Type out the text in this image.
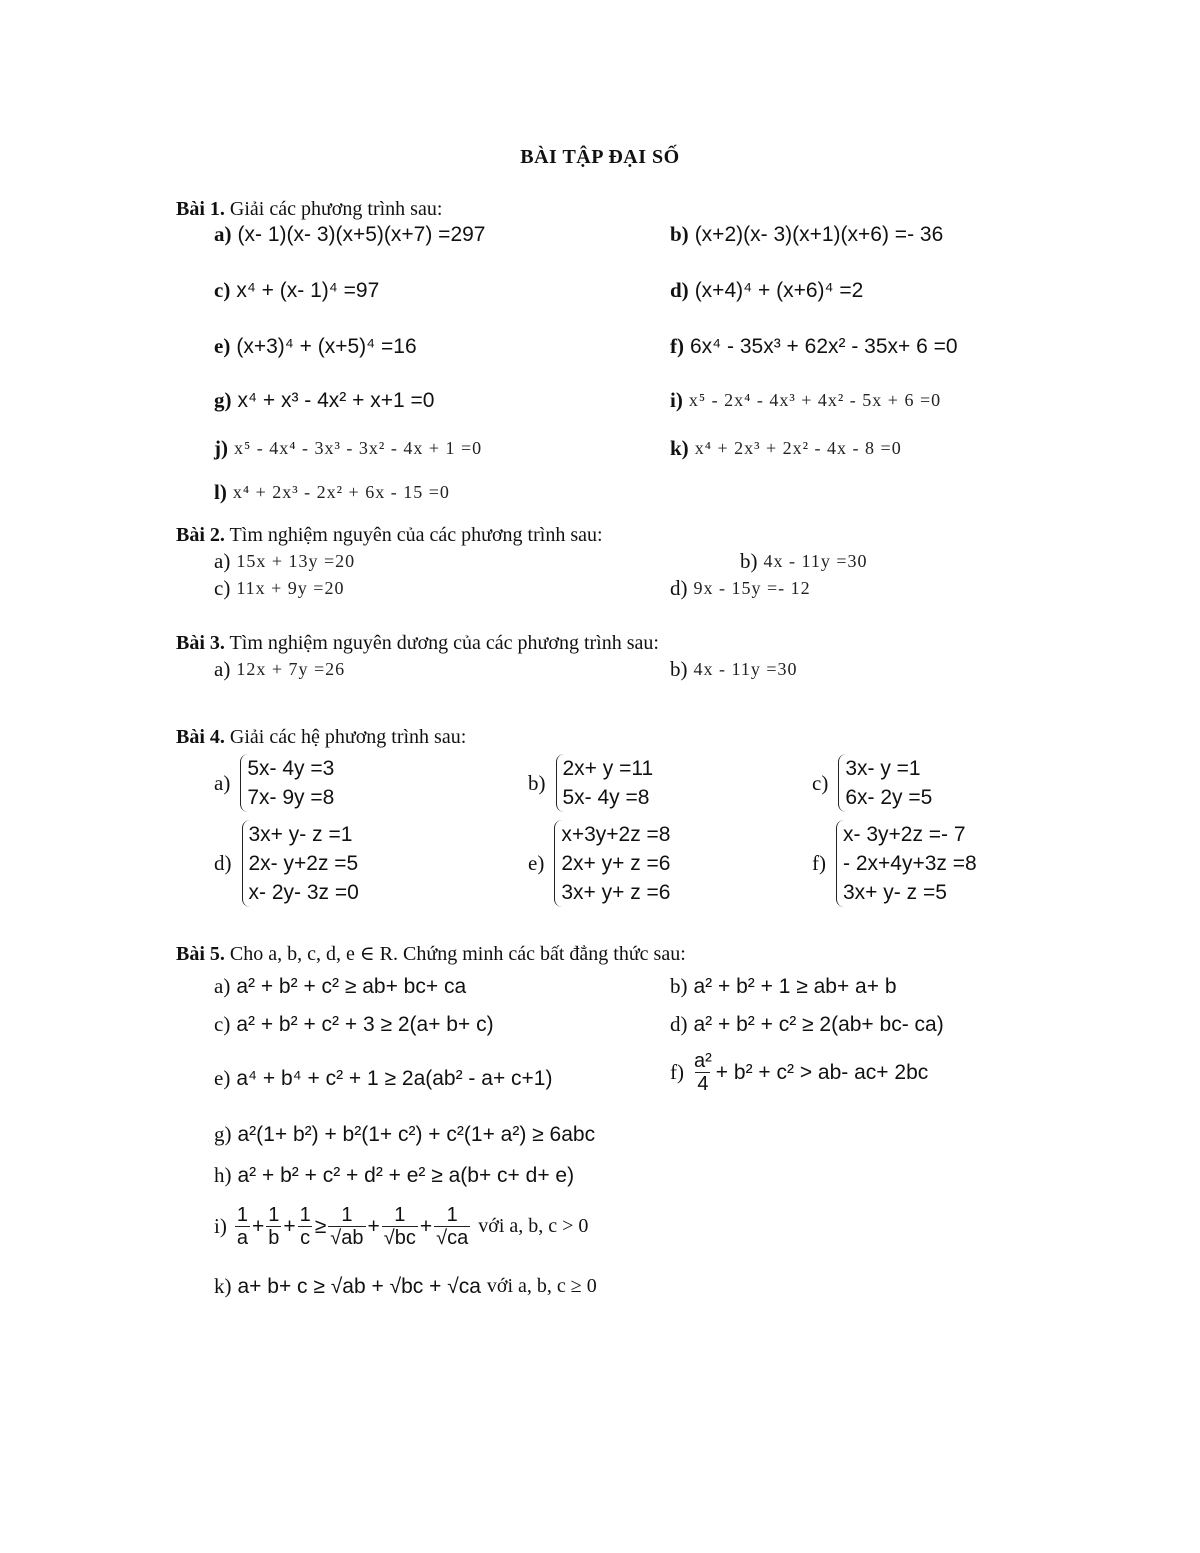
BÀI TẬP ĐẠI SỐ
Bài 1. Giải các phương trình sau:
a) (x- 1)(x- 3)(x+5)(x+7) =297	b) (x+2)(x- 3)(x+1)(x+6) =- 36
c) x⁴ + (x- 1)⁴ =97	d) (x+4)⁴ + (x+6)⁴ =2
e) (x+3)⁴ + (x+5)⁴ =16	f) 6x⁴ - 35x³ + 62x² - 35x+ 6 =0
g) x⁴ + x³ - 4x² + x+1 =0	i) x⁵ - 2x⁴ - 4x³ + 4x² - 5x + 6 =0
j) x⁵ - 4x⁴ - 3x³ - 3x² - 4x + 1 =0	k) x⁴ + 2x³ + 2x² - 4x - 8 =0
l) x⁴ + 2x³ - 2x² + 6x - 15 =0
Bài 2. Tìm nghiệm nguyên của các phương trình sau:
a) 15x + 13y =20	b) 4x - 11y =30
c) 11x + 9y =20	d) 9x - 15y =- 12
Bài 3. Tìm nghiệm nguyên dương của các phương trình sau:
a) 12x + 7y =26	b) 4x - 11y =30
Bài 4. Giải các hệ phương trình sau:
a)
5x- 4y =3
7x- 9y =8
b)
2x+ y =11
5x- 4y =8
c)
3x- y =1
6x- 2y =5
d)
3x+ y- z =1
2x- y+2z =5
x- 2y- 3z =0
e)
x+3y+2z =8
2x+ y+ z =6
3x+ y+ z =6
f)
x- 3y+2z =- 7
- 2x+4y+3z =8
3x+ y- z =5
Bài 5. Cho a, b, c, d, e ∈ R. Chứng minh các bất đẳng thức sau:
a) a² + b² + c² ≥ ab+ bc+ ca	b) a² + b² + 1 ≥ ab+ a+ b
c) a² + b² + c² + 3 ≥ 2(a+ b+ c)	d) a² + b² + c² ≥ 2(ab+ bc- ca)
e) a⁴ + b⁴ + c² + 1 ≥ 2a(ab² - a+ c+1)	$f) \frac{\text{a²}}{4} + b^2 + c^2 > ab-$ ac+ 2bc
g) a²(1+ b²) + b²(1+ c²) + c²(1+ a²) ≥ 6abc
h) a² + b² + c² + d² + e² ≥ a(b+ c+ d+ e)
$i) \frac{1}{a} + \frac{1}{b} + \frac{1}{c} \ge \frac{1}{√ab} + \frac{1}{√bc} + \frac{1}{√ca}$ với a, b, c > 0
k) a+ b+ c ≥ √ab + √bc + √ca với a, b, c ≥ 0
